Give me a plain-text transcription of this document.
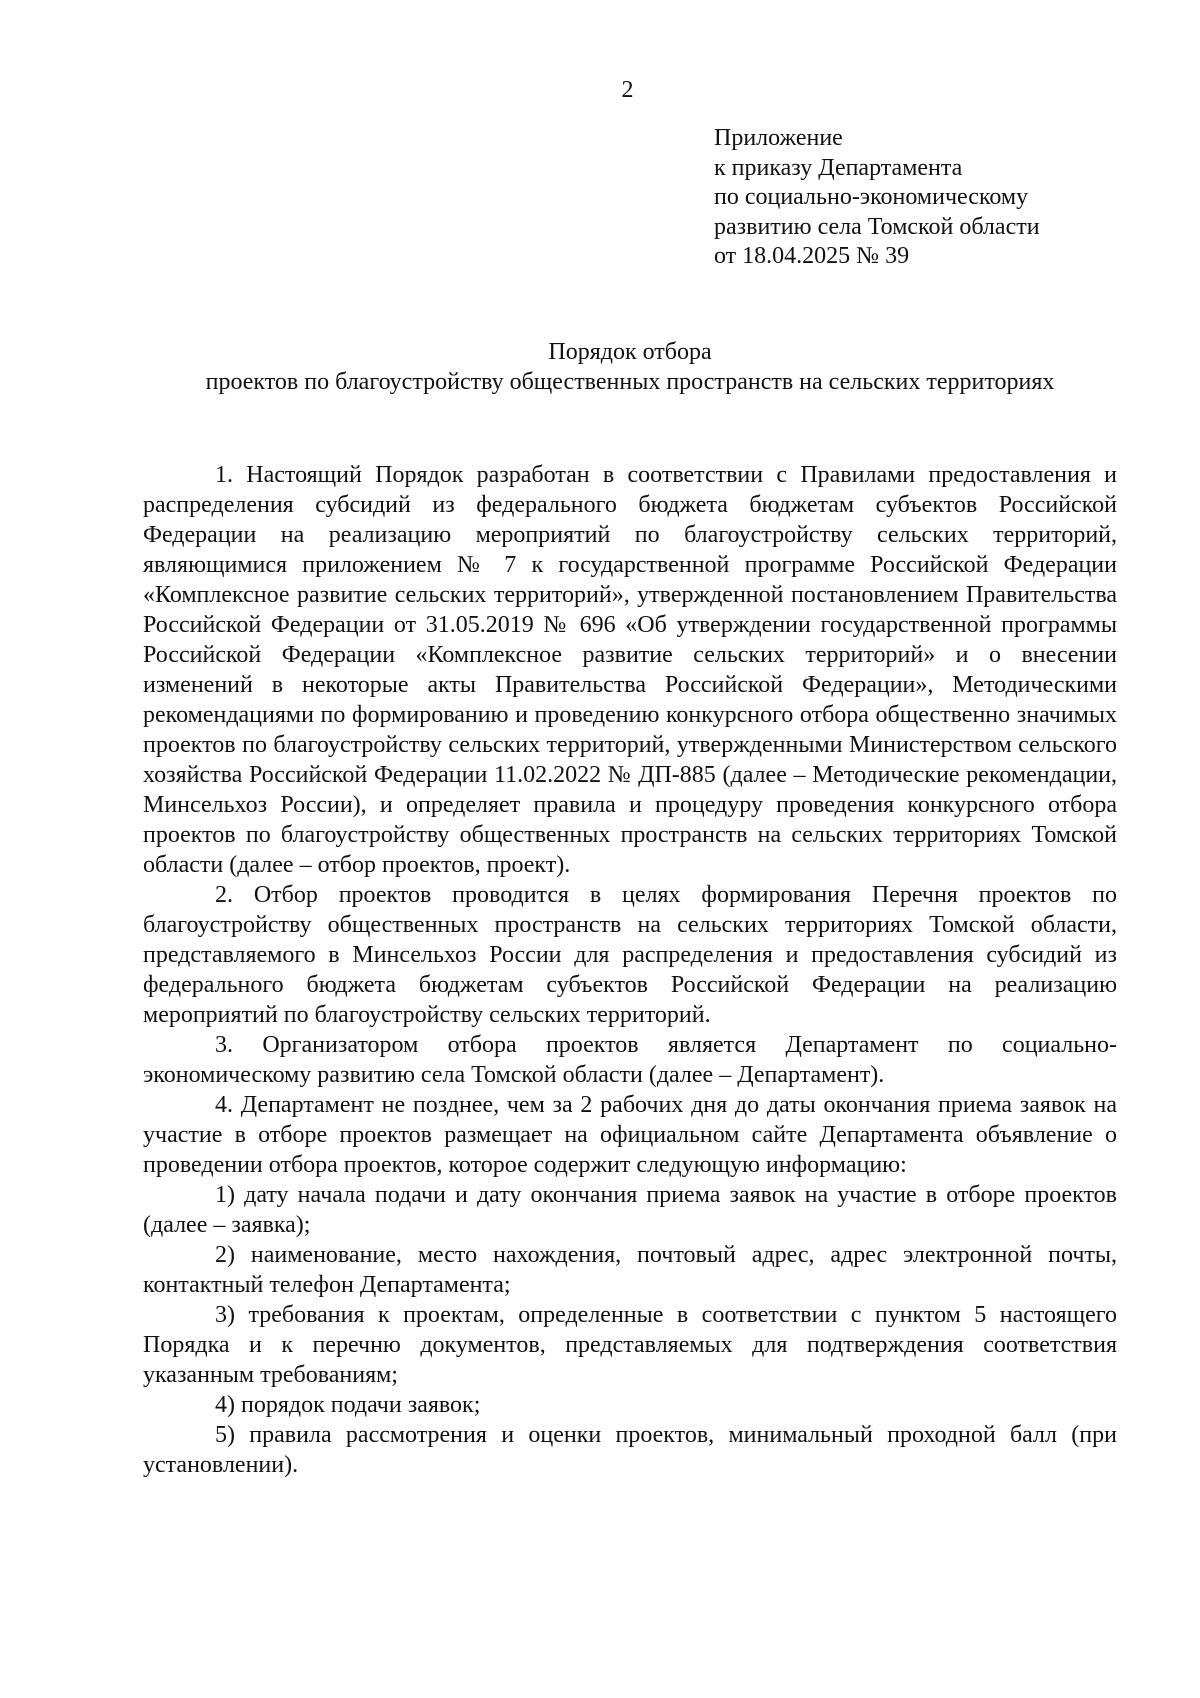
2
Приложение
к приказу Департамента
по социально-экономическому
развитию села Томской области
от 18.04.2025 № 39
Порядок отбора
проектов по благоустройству общественных пространств на сельских территориях

1. Настоящий Порядок разработан в соответствии с Правилами предоставления и распределения субсидий из федерального бюджета бюджетам субъектов Российской Федерации на реализацию мероприятий по благоустройству сельских территорий, являющимися приложением № 7 к государственной программе Российской Федерации «Комплексное развитие сельских территорий», утвержденной постановлением Правительства Российской Федерации от 31.05.2019 № 696 «Об утверждении государственной программы Российской Федерации «Комплексное развитие сельских территорий» и о внесении изменений в некоторые акты Правительства Российской Федерации», Методическими рекомендациями по формированию и проведению конкурсного отбора общественно значимых проектов по благоустройству сельских территорий, утвержденными Министерством сельского хозяйства Российской Федерации 11.02.2022 № ДП-885 (далее – Методические рекомендации, Минсельхоз России), и определяет правила и процедуру проведения конкурсного отбора проектов по благоустройству общественных пространств на сельских территориях Томской области (далее – отбор проектов, проект).

2. Отбор проектов проводится в целях формирования Перечня проектов по благоустройству общественных пространств на сельских территориях Томской области, представляемого в Минсельхоз России для распределения и предоставления субсидий из федерального бюджета бюджетам субъектов Российской Федерации на реализацию мероприятий по благоустройству сельских территорий.

3. Организатором отбора проектов является Департамент по социально-экономическому развитию села Томской области (далее – Департамент).

4. Департамент не позднее, чем за 2 рабочих дня до даты окончания приема заявок на участие в отборе проектов размещает на официальном сайте Департамента объявление о проведении отбора проектов, которое содержит следующую информацию:

1) дату начала подачи и дату окончания приема заявок на участие в отборе проектов (далее – заявка);

2) наименование, место нахождения, почтовый адрес, адрес электронной почты, контактный телефон Департамента;

3) требования к проектам, определенные в соответствии с пунктом 5 настоящего Порядка и к перечню документов, представляемых для подтверждения соответствия указанным требованиям;

4) порядок подачи заявок;

5) правила рассмотрения и оценки проектов, минимальный проходной балл (при установлении).
